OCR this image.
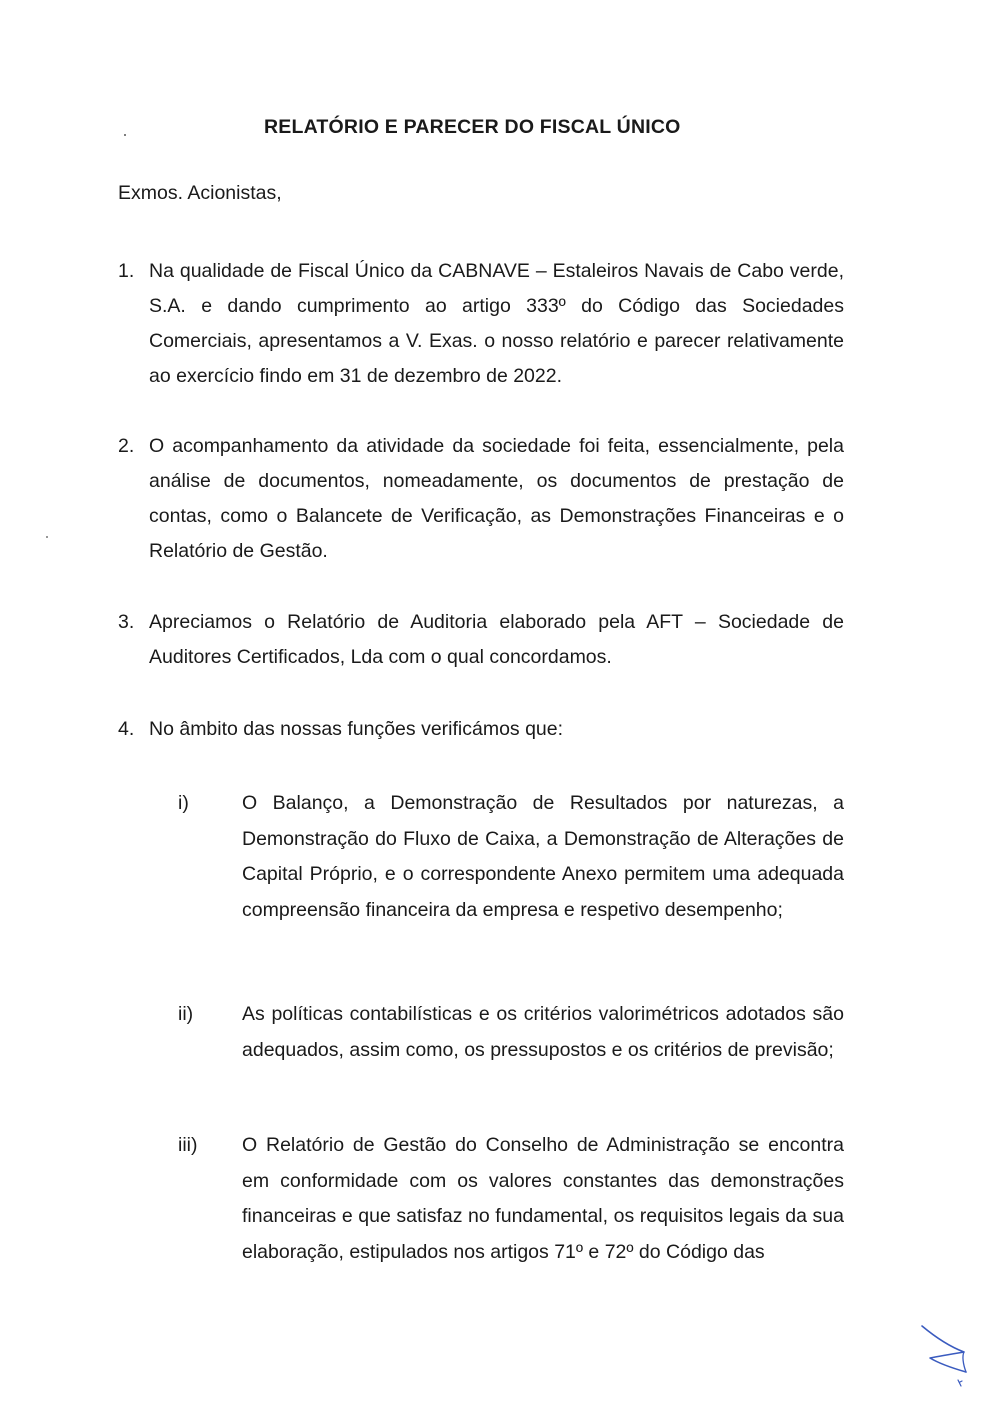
RELATÓRIO E PARECER DO FISCAL ÚNICO

Exmos. Acionistas,

1. Na qualidade de Fiscal Único da CABNAVE – Estaleiros Navais de Cabo verde, S.A. e dando cumprimento ao artigo 333º do Código das Sociedades Comerciais, apresentamos a V. Exas. o nosso relatório e parecer relativamente ao exercício findo em 31 de dezembro de 2022.
2. O acompanhamento da atividade da sociedade foi feita, essencialmente, pela análise de documentos, nomeadamente, os documentos de prestação de contas, como o Balancete de Verificação, as Demonstrações Financeiras e o Relatório de Gestão.
3. Apreciamos o Relatório de Auditoria elaborado pela AFT – Sociedade de Auditores Certificados, Lda com o qual concordamos.
4. No âmbito das nossas funções verificámos que:
i)	O Balanço, a Demonstração de Resultados por naturezas, a Demonstração do Fluxo de Caixa, a Demonstração de Alterações de Capital Próprio, e o correspondente Anexo permitem uma adequada compreensão financeira da empresa e respetivo desempenho;
ii)	As políticas contabilísticas e os critérios valorimétricos adotados são adequados, assim como, os pressupostos e os critérios de previsão;
iii)	O Relatório de Gestão do Conselho de Administração se encontra em conformidade com os valores constantes das demonstrações financeiras e que satisfaz no fundamental, os requisitos legais da sua elaboração, estipulados nos artigos 71º e 72º do Código das
